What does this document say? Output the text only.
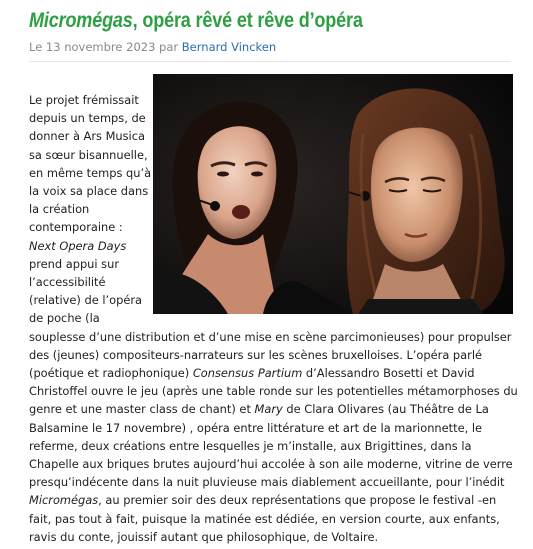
Micromégas, opéra rêvé et rêve d’opéra
Le 13 novembre 2023 par Bernard Vincken

Le projet frémissait depuis un temps, de donner à Ars Musica sa sœur bisannuelle, en même temps qu’à la voix sa place dans la création contemporaine : Next Opera Days prend appui sur l’accessibilité (relative) de l’opéra de poche (la souplesse d’une distribution et d’une mise en scène parcimonieuses) pour propulser des (jeunes) compositeurs-narrateurs sur les scènes bruxelloises. L’opéra parlé (poétique et radiophonique) Consensus Partium d’Alessandro Bosetti et David Christoffel ouvre le jeu (après une table ronde sur les potentielles métamorphoses du genre et une master class de chant) et Mary de Clara Olivares (au Théâtre de La Balsamine le 17 novembre) , opéra entre littérature et art de la marionnette, le referme, deux créations entre lesquelles je m’installe, aux Brigittines, dans la Chapelle aux briques brutes aujourd’hui accolée à son aile moderne, vitrine de verre presqu’indécente dans la nuit pluvieuse mais diablement accueillante, pour l’inédit Micromégas, au premier soir des deux représentations que propose le festival -en fait, pas tout à fait, puisque la matinée est dédiée, en version courte, aux enfants, ravis du conte, jouissif autant que philosophique, de Voltaire.
